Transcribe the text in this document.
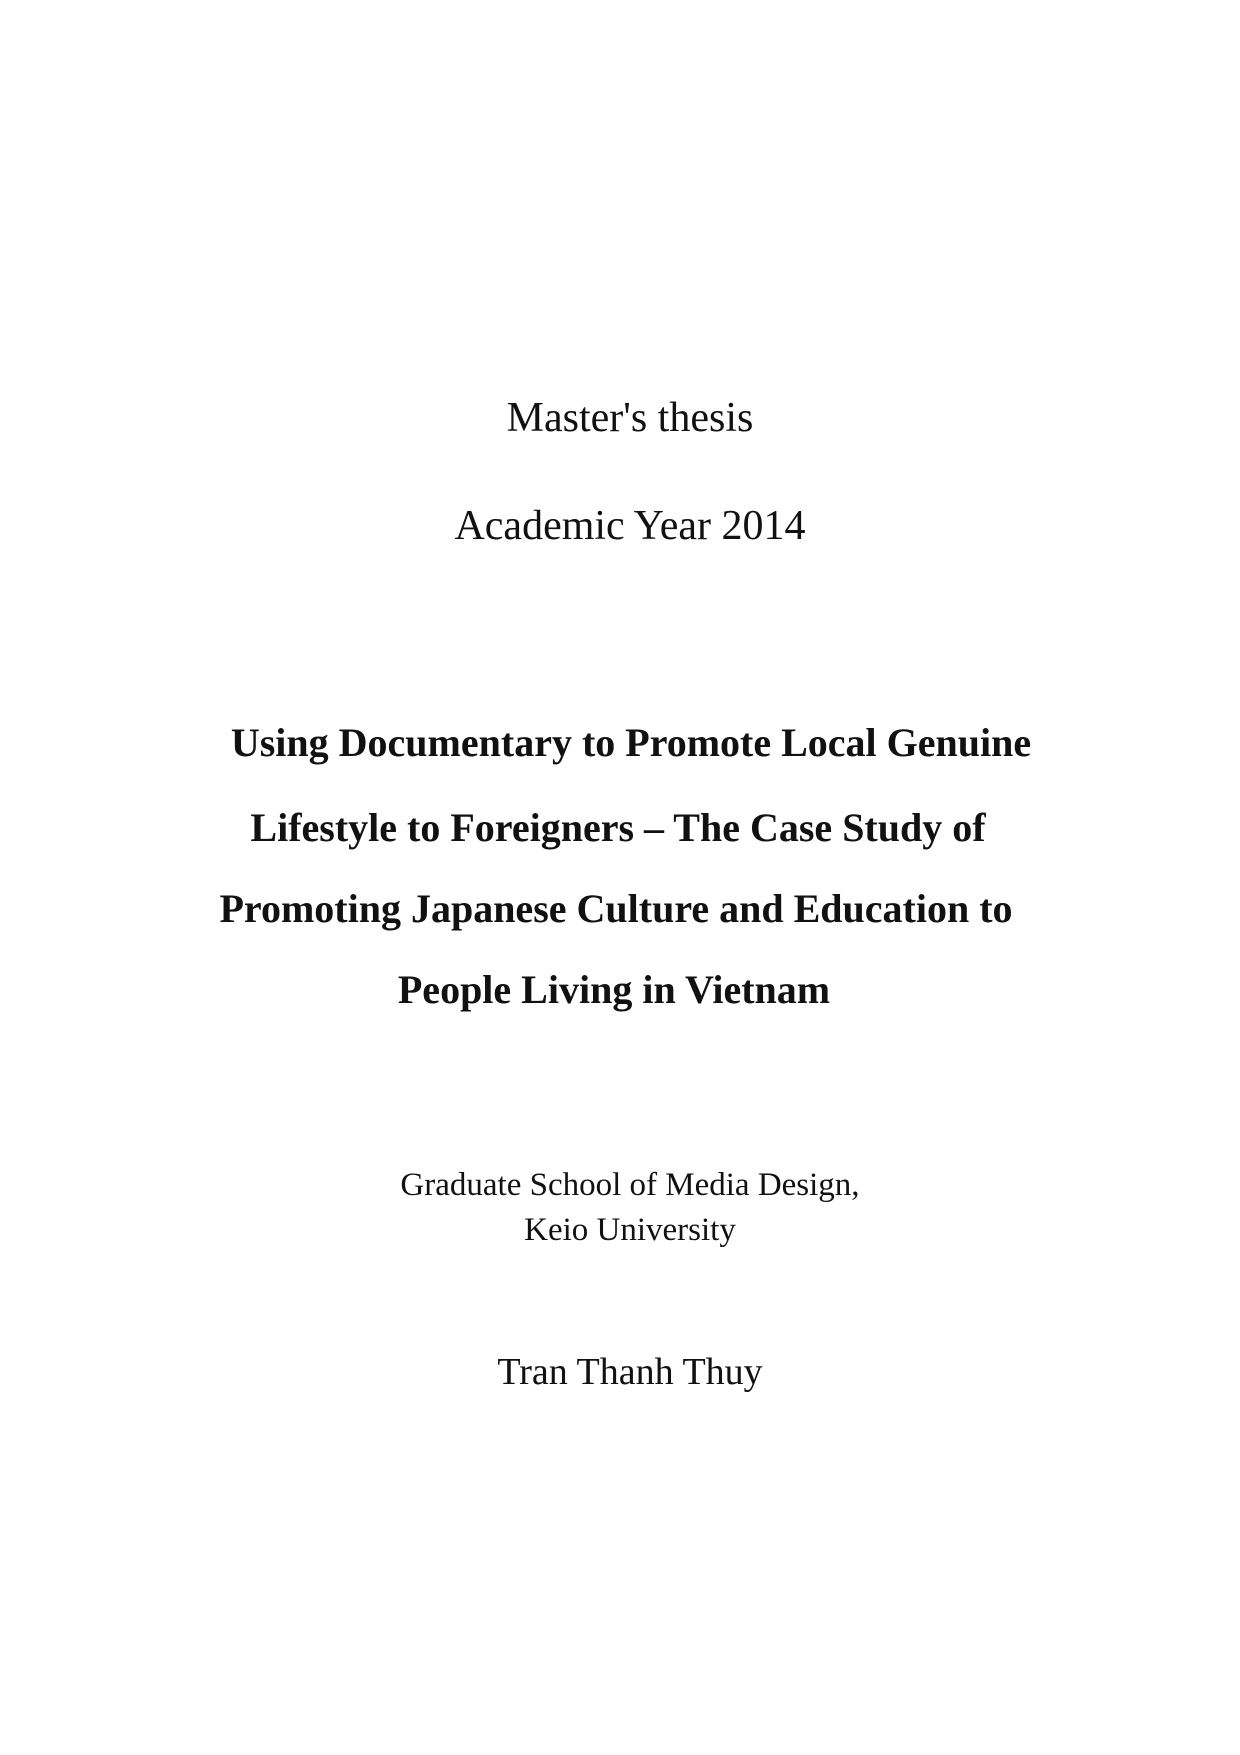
Master's thesis
Academic Year 2014
Using Documentary to Promote Local Genuine
Lifestyle to Foreigners – The Case Study of
Promoting Japanese Culture and Education to
People Living in Vietnam
Graduate School of Media Design,
Keio University
Tran Thanh Thuy
